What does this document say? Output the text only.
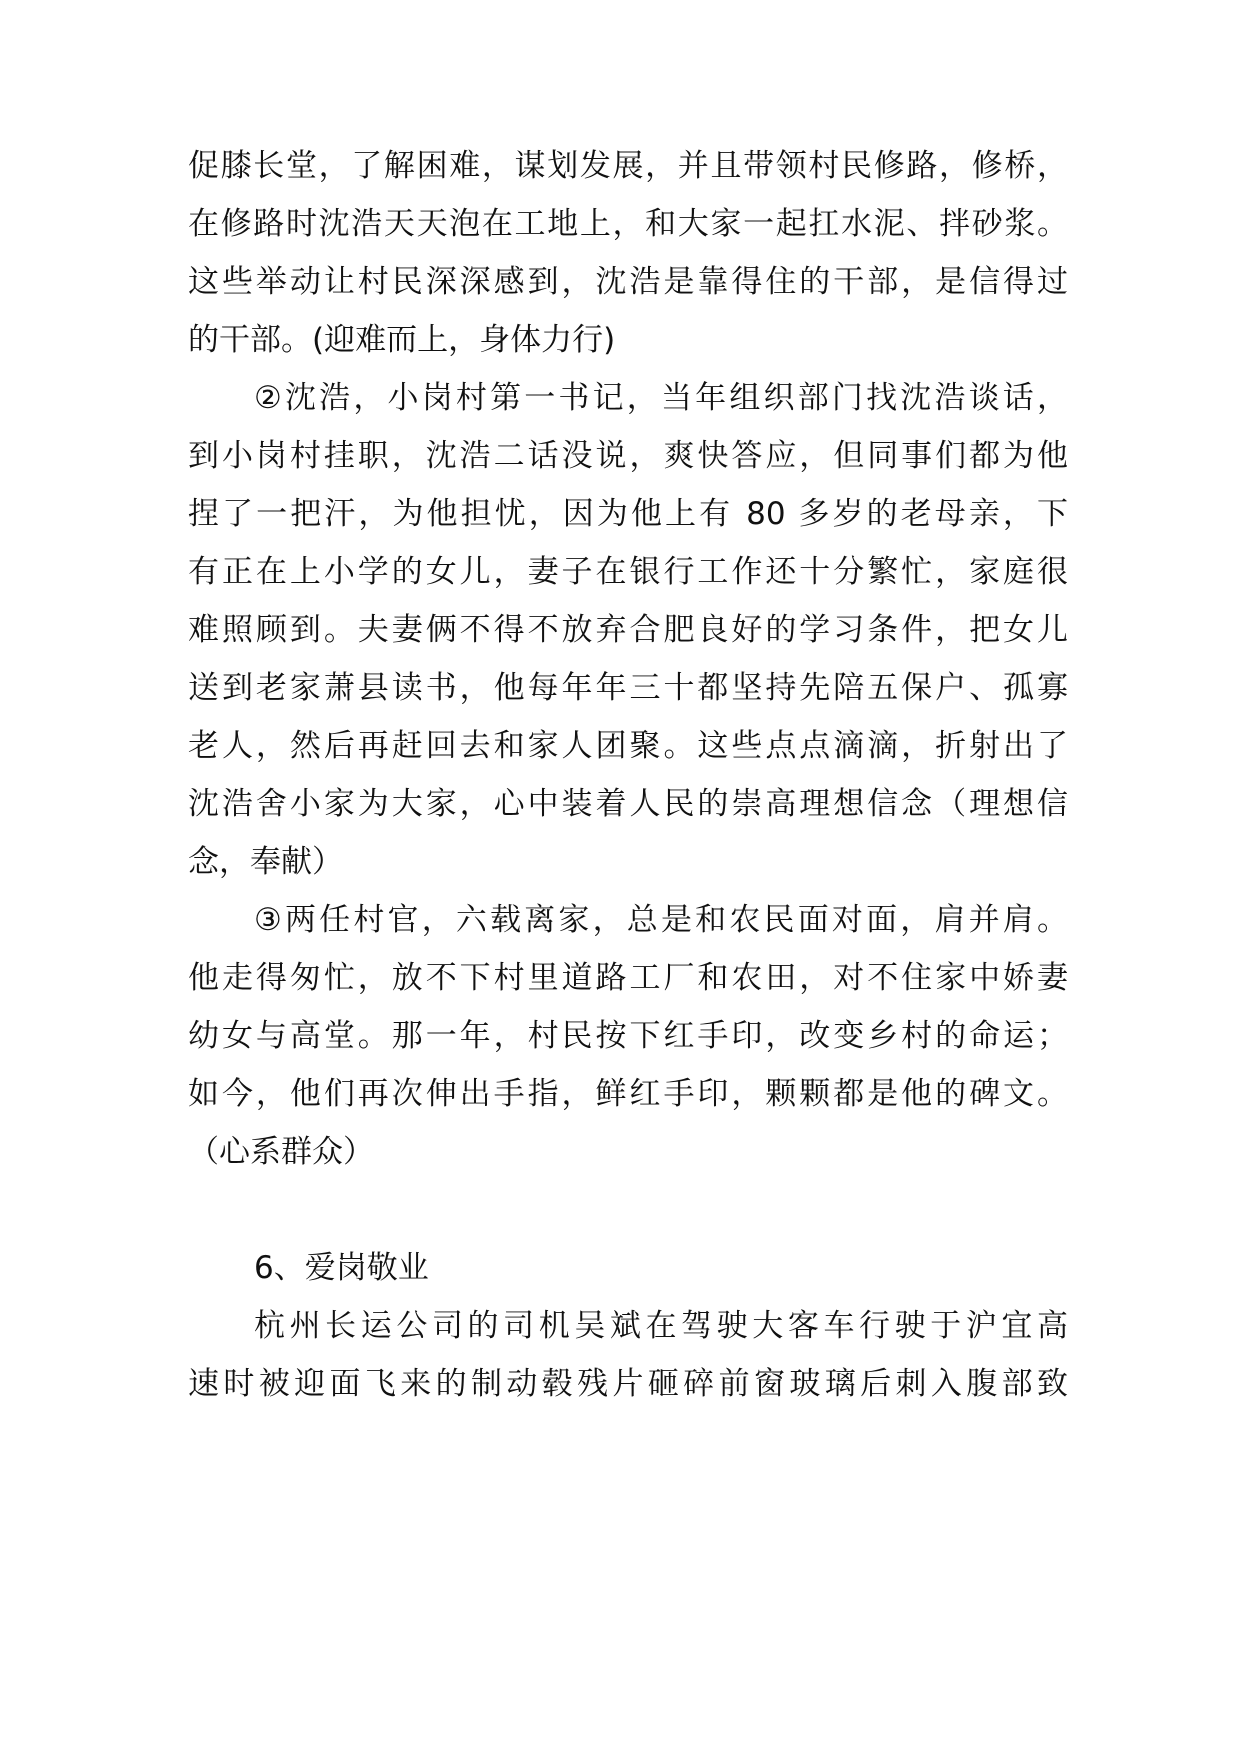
促膝长堂，了解困难，谋划发展，并且带领村民修路，修桥，
在修路时沈浩天天泡在工地上，和大家一起扛水泥、拌砂浆。
这些举动让村民深深感到，沈浩是靠得住的干部，是信得过
的干部。(迎难而上，身体力行)
②沈浩，小岗村第一书记，当年组织部门找沈浩谈话，
到小岗村挂职，沈浩二话没说，爽快答应，但同事们都为他
捏了一把汗，为他担忧，因为他上有 80 多岁的老母亲，下
有正在上小学的女儿，妻子在银行工作还十分繁忙，家庭很
难照顾到。夫妻俩不得不放弃合肥良好的学习条件，把女儿
送到老家萧县读书，他每年年三十都坚持先陪五保户、孤寡
老人，然后再赶回去和家人团聚。这些点点滴滴，折射出了
沈浩舍小家为大家，心中装着人民的崇高理想信念（理想信
念，奉献）
③两任村官，六载离家，总是和农民面对面，肩并肩。
他走得匆忙，放不下村里道路工厂和农田，对不住家中娇妻
幼女与高堂。那一年，村民按下红手印，改变乡村的命运；
如今，他们再次伸出手指，鲜红手印，颗颗都是他的碑文。
（心系群众）
6、爱岗敬业
杭州长运公司的司机吴斌在驾驶大客车行驶于沪宜高
速时被迎面飞来的制动毂残片砸碎前窗玻璃后刺入腹部致
